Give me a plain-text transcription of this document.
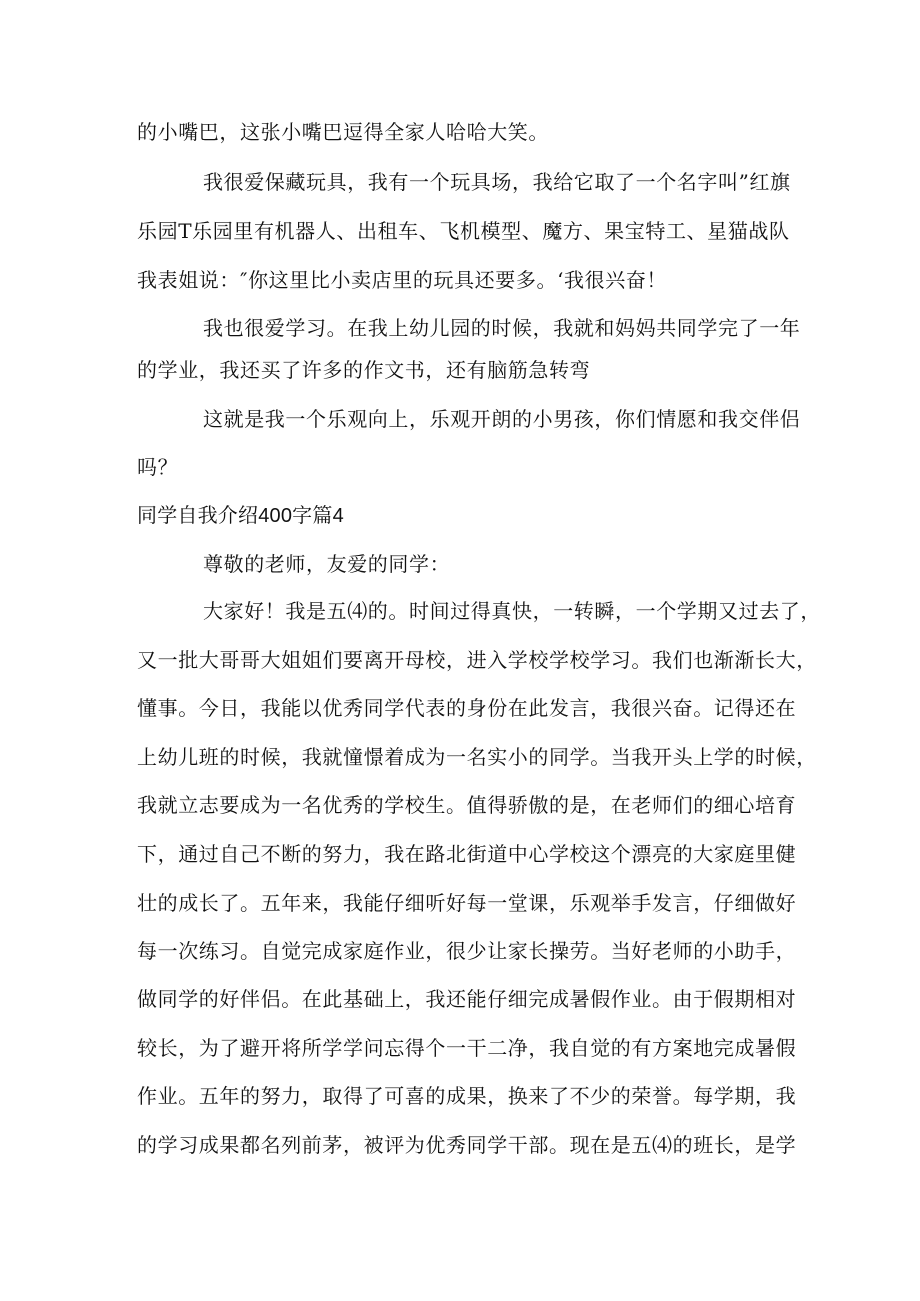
的小嘴巴，这张小嘴巴逗得全家人哈哈大笑。
我很爱保藏玩具，我有一个玩具场，我给它取了一个名字叫”红旗
乐园T乐园里有机器人、出租车、飞机模型、魔方、果宝特工、星猫战队
我表姐说：″你这里比小卖店里的玩具还要多。‘我很兴奋！
我也很爱学习。在我上幼儿园的时候，我就和妈妈共同学完了一年
的学业，我还买了许多的作文书，还有脑筋急转弯
这就是我一个乐观向上，乐观开朗的小男孩，你们情愿和我交伴侣
吗？
同学自我介绍400字篇4
尊敬的老师，友爱的同学：
大家好！我是五⑷的。时间过得真快，一转瞬，一个学期又过去了，
又一批大哥哥大姐姐们要离开母校，进入学校学校学习。我们也渐渐长大，
懂事。今日，我能以优秀同学代表的身份在此发言，我很兴奋。记得还在
上幼儿班的时候，我就憧憬着成为一名实小的同学。当我开头上学的时候，
我就立志要成为一名优秀的学校生。值得骄傲的是，在老师们的细心培育
下，通过自己不断的努力，我在路北街道中心学校这个漂亮的大家庭里健
壮的成长了。五年来，我能仔细听好每一堂课，乐观举手发言，仔细做好
每一次练习。自觉完成家庭作业，很少让家长操劳。当好老师的小助手，
做同学的好伴侣。在此基础上，我还能仔细完成暑假作业。由于假期相对
较长，为了避开将所学学问忘得个一干二净，我自觉的有方案地完成暑假
作业。五年的努力，取得了可喜的成果，换来了不少的荣誉。每学期，我
的学习成果都名列前茅，被评为优秀同学干部。现在是五⑷的班长，是学
